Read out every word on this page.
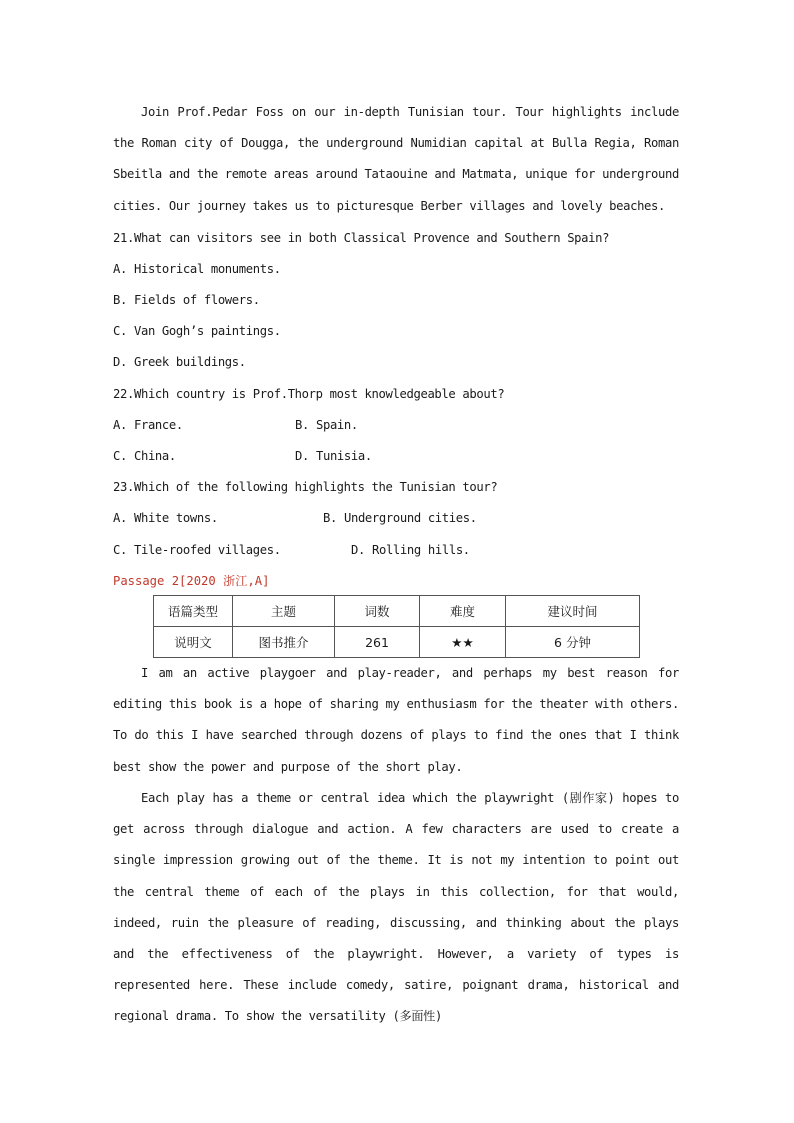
Join Prof.Pedar Foss on our in-depth Tunisian tour. Tour highlights include the Roman city of Dougga, the underground Numidian capital at Bulla Regia, Roman Sbeitla and the remote areas around Tataouine and Matmata, unique for underground cities. Our journey takes us to picturesque Berber villages and lovely beaches.

21.What can visitors see in both Classical Provence and Southern Spain?

A. Historical monuments.

B. Fields of flowers.

C. Van Gogh’s paintings.

D. Greek buildings.

22.Which country is Prof.Thorp most knowledgeable about?

A. France.	B. Spain.

C. China.	D. Tunisia.

23.Which of the following highlights the Tunisian tour?

A. White towns.	B. Underground cities.

C. Tile-roofed villages.	D. Rolling hills.

Passage 2[2020 浙江,A]
语篇类型	主题	词数	难度	建议时间
说明文	图书推介	261	★★	6 分钟

I am an active playgoer and play-reader, and perhaps my best reason for editing this book is a hope of sharing my enthusiasm for the theater with others. To do this I have searched through dozens of plays to find the ones that I think best show the power and purpose of the short play.

Each play has a theme or central idea which the playwright (剧作家) hopes to get across through dialogue and action. A few characters are used to create a single impression growing out of the theme. It is not my intention to point out the central theme of each of the plays in this collection, for that would, indeed, ruin the pleasure of reading, discussing, and thinking about the plays and the effectiveness of the playwright. However, a variety of types is represented here. These include comedy, satire, poignant drama, historical and regional drama. To show the versatility (多面性)
